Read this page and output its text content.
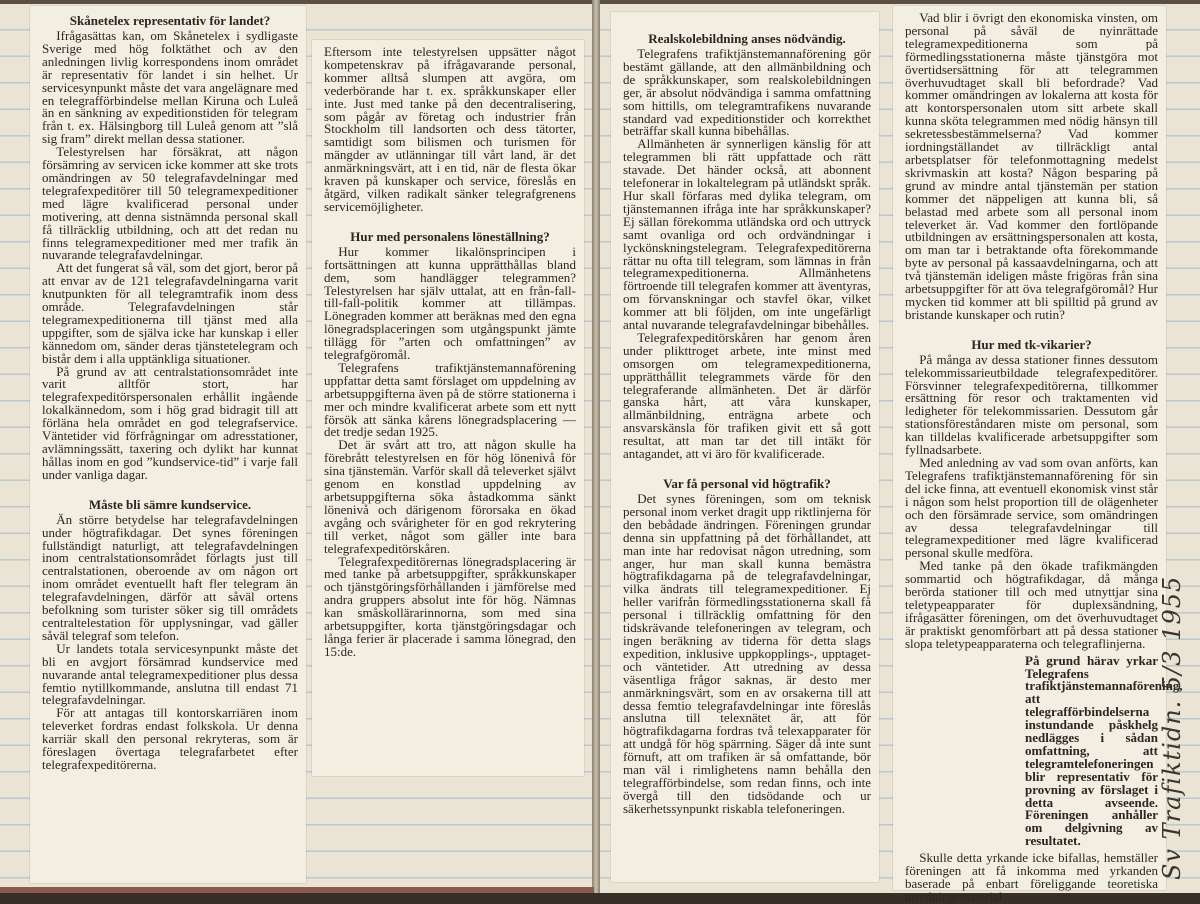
Skånetelex representativ för landet?

Ifrågasättas kan, om Skånetelex i sydligaste Sverige med hög folktäthet och av den anledningen livlig korrespondens inom området är representativ för landet i sin helhet. Ur servicesynpunkt måste det vara angelägnare med en telegrafförbindelse mellan Kiruna och Luleå än en sänkning av expeditionstiden för telegram från t. ex. Hälsingborg till Luleå genom att ”slå sig fram” direkt mellan dessa stationer.

Telestyrelsen har försäkrat, att någon försämring av servicen icke kommer att ske trots omändringen av 50 telegrafavdelningar med telegrafexpeditörer till 50 telegramexpeditioner med lägre kvalificerad personal under motivering, att denna sistnämnda personal skall få tillräcklig utbildning, och att det redan nu finns telegramexpeditioner med mer trafik än nuvarande telegrafavdelningar.

Att det fungerat så väl, som det gjort, beror på att envar av de 121 telegrafavdelningarna varit knutpunkten för all telegramtrafik inom dess område. Telegrafavdelningen står telegramexpeditionerna till tjänst med alla uppgifter, som de själva icke har kunskap i eller kännedom om, sänder deras tjänstetelegram och bistår dem i alla upptänkliga situationer.

På grund av att centralstationsområdet inte varit alltför stort, har telegrafexpeditörspersonalen erhållit ingående lokalkännedom, som i hög grad bidragit till att förläna hela området en god telegrafservice. Väntetider vid förfrågningar om adresstationer, avlämningssätt, taxering och dylikt har kunnat hållas inom en god ”kundservice-tid” i varje fall under vanliga dagar.

Måste bli sämre kundservice.

Än större betydelse har telegrafavdelningen under högtrafikdagar. Det synes föreningen fullständigt naturligt, att telegrafavdelningen inom centralstationsområdet förlagts just till centralstationen, oberoende av om någon ort inom området eventuellt haft fler telegram än telegrafavdelningen, därför att såväl ortens befolkning som turister söker sig till områdets centraltelestation för upplysningar, vad gäller såväl telegraf som telefon.

Ur landets totala servicesynpunkt måste det bli en avgjort försämrad kundservice med nuvarande antal telegramexpeditioner plus dessa femtio nytillkommande, anslutna till endast 71 telegrafavdelningar.

För att antagas till kontorskarriären inom televerket fordras endast folkskola. Ur denna karriär skall den personal rekryteras, som är föreslagen övertaga telegrafarbetet efter telegrafexpeditörerna.

Eftersom inte telestyrelsen uppsätter något kompetenskrav på ifrågavarande personal, kommer alltså slumpen att avgöra, om vederbörande har t. ex. språkkunskaper eller inte. Just med tanke på den decentralisering, som pågår av företag och industrier från Stockholm till landsorten och dess tätorter, samtidigt som bilismen och turismen för mängder av utlänningar till vårt land, är det anmärkningsvärt, att i en tid, när de flesta ökar kraven på kunskaper och service, föreslås en åtgärd, vilken radikalt sänker telegrafgrenens servicemöjligheter.

Hur med personalens löneställning?

Hur kommer likalönsprincipen i fortsättningen att kunna upprätthållas bland dem, som handlägger telegrammen? Telestyrelsen har själv uttalat, att en från-fall-till-fall-politik kommer att tillämpas. Lönegraden kommer att beräknas med den egna lönegradsplaceringen som utgångspunkt jämte tillägg för ”arten och omfattningen” av telegrafgöromål.

Telegrafens trafiktjänstemannaförening uppfattar detta samt förslaget om uppdelning av arbetsuppgifterna även på de större stationerna i mer och mindre kvalificerat arbete som ett nytt försök att sänka kårens lönegradsplacering — det tredje sedan 1925.

Det är svårt att tro, att någon skulle ha förebrått telestyrelsen en för hög lönenivå för sina tjänstemän. Varför skall då televerket självt genom en konstlad uppdelning av arbetsuppgifterna söka åstadkomma sänkt lönenivå och därigenom förorsaka en ökad avgång och svårigheter för en god rekrytering till verket, något som gäller inte bara telegrafexpeditörskåren.

Telegrafexpeditörernas lönegradsplacering är med tanke på arbetsuppgifter, språkkunskaper och tjänstgöringsförhållanden i jämförelse med andra gruppers absolut inte för hög. Nämnas kan småskollärarinnorna, som med sina arbetsuppgifter, korta tjänstgöringsdagar och långa ferier är placerade i samma lönegrad, den 15:de.

Realskolebildning anses nödvändig.

Telegrafens trafiktjänstemannaförening gör bestämt gällande, att den allmänbildning och de språkkunskaper, som realskolebildningen ger, är absolut nödvändiga i samma omfattning som hittills, om telegramtrafikens nuvarande standard vad expeditionstider och korrekthet beträffar skall kunna bibehållas.

Allmänheten är synnerligen känslig för att telegrammen bli rätt uppfattade och rätt stavade. Det händer också, att abonnent telefonerar in lokaltelegram på utländskt språk. Hur skall förfaras med dylika telegram, om tjänstemannen ifråga inte har språkkunskaper? Ej sällan förekomma utländska ord och uttryck samt ovanliga ord och ordvändningar i lyckönskningstelegram. Telegrafexpeditörerna rättar nu ofta till telegram, som lämnas in från telegramexpeditionerna. Allmänhetens förtroende till telegrafen kommer att äventyras, om förvanskningar och stavfel ökar, vilket kommer att bli följden, om inte ungefärligt antal nuvarande telegrafavdelningar bibehålles.

Telegrafexpeditörskåren har genom åren under plikttroget arbete, inte minst med omsorgen om telegramexpeditionerna, upprätthållit telegrammets värde för den telegraferande allmänheten. Det är därför ganska hårt, att våra kunskaper, allmänbildning, enträgna arbete och ansvarskänsla för trafiken givit ett så gott resultat, att man tar det till intäkt för antagandet, att vi äro för kvalificerade.

Var få personal vid högtrafik?

Det synes föreningen, som om teknisk personal inom verket dragit upp riktlinjerna för den bebådade ändringen. Föreningen grundar denna sin uppfattning på det förhållandet, att man inte har redovisat någon utredning, som anger, hur man skall kunna bemästra högtrafikdagarna på de telegrafavdelningar, vilka ändrats till telegramexpeditioner. Ej heller varifrån förmedlingsstationerna skall få personal i tillräcklig omfattning för den tidskrävande telefoneringen av telegram, och ingen beräkning av tiderna för detta slags expedition, inklusive uppkopplings-, upptaget- och väntetider. Att utredning av dessa väsentliga frågor saknas, är desto mer anmärkningsvärt, som en av orsakerna till att dessa femtio telegrafavdelningar inte föreslås anslutna till telexnätet är, att för högtrafikdagarna fordras två telexapparater för att undgå för hög spärrning. Säger då inte sunt förnuft, att om trafiken är så omfattande, bör man väl i rimlighetens namn behålla den telegrafförbindelse, som redan finns, och inte övergå till den tidsödande och ur säkerhetssynpunkt riskabla telefoneringen.

Vad blir i övrigt den ekonomiska vinsten, om personal på såväl de nyinrättade telegramexpeditionerna som på förmedlingsstationerna måste tjänstgöra mot övertidsersättning för att telegrammen överhuvudtaget skall bli befordrade? Vad kommer omändringen av lokalerna att kosta för att kontorspersonalen utom sitt arbete skall kunna sköta telegrammen med nödig hänsyn till sekretessbestämmelserna? Vad kommer iordningställandet av tillräckligt antal arbetsplatser för telefonmottagning medelst skrivmaskin att kosta? Någon besparing på grund av mindre antal tjänstemän per station kommer det näppeligen att kunna bli, så belastad med arbete som all personal inom televerket är. Vad kommer den fortlöpande utbildningen av ersättningspersonalen att kosta, om man tar i betraktande ofta förekommande byte av personal på kassaavdelningarna, och att två tjänstemän ideligen måste frigöras från sina arbetsuppgifter för att öva telegrafgöromål? Hur mycken tid kommer att bli spilltid på grund av bristande kunskaper och rutin?

Hur med tk-vikarier?

På många av dessa stationer finnes dessutom telekommissarieutbildade telegrafexpeditörer. Försvinner telegrafexpeditörerna, tillkommer ersättning för resor och traktamenten vid ledigheter för telekommissarien. Dessutom går stationsföreståndaren miste om personal, som kan tilldelas kvalificerade arbetsuppgifter som fyllnadsarbete.

Med anledning av vad som ovan anförts, kan Telegrafens trafiktjänstemannaförening för sin del icke finna, att eventuell ekonomisk vinst står i någon som helst proportion till de olägenheter och den försämrade service, som omändringen av dessa telegrafavdelningar till telegramexpeditioner med lägre kvalificerad personal skulle medföra.

Med tanke på den ökade trafikmängden sommartid och högtrafikdagar, då många berörda stationer till och med utnyttjar sina teletypeapparater för duplexsändning, ifrågasätter föreningen, om det överhuvudtaget är praktiskt genomförbart att på dessa stationer slopa teletypeapparaterna och telegraflinjerna.

På grund härav yrkar Telegrafens trafiktjänstemannaförening,

att telegrafförbindelserna instundande påskhelg nedlägges i sådan omfattning, att telegramtelefoneringen blir representativ för provning av förslaget i detta avseende. Föreningen anhåller om delgivning av resultatet.

Skulle detta yrkande icke bifallas, hemställer föreningen att få inkomma med yrkanden baserade på enbart föreliggande teoretiska utredningsmaterial.

Sv Trafiktidn. 5/3 1955
